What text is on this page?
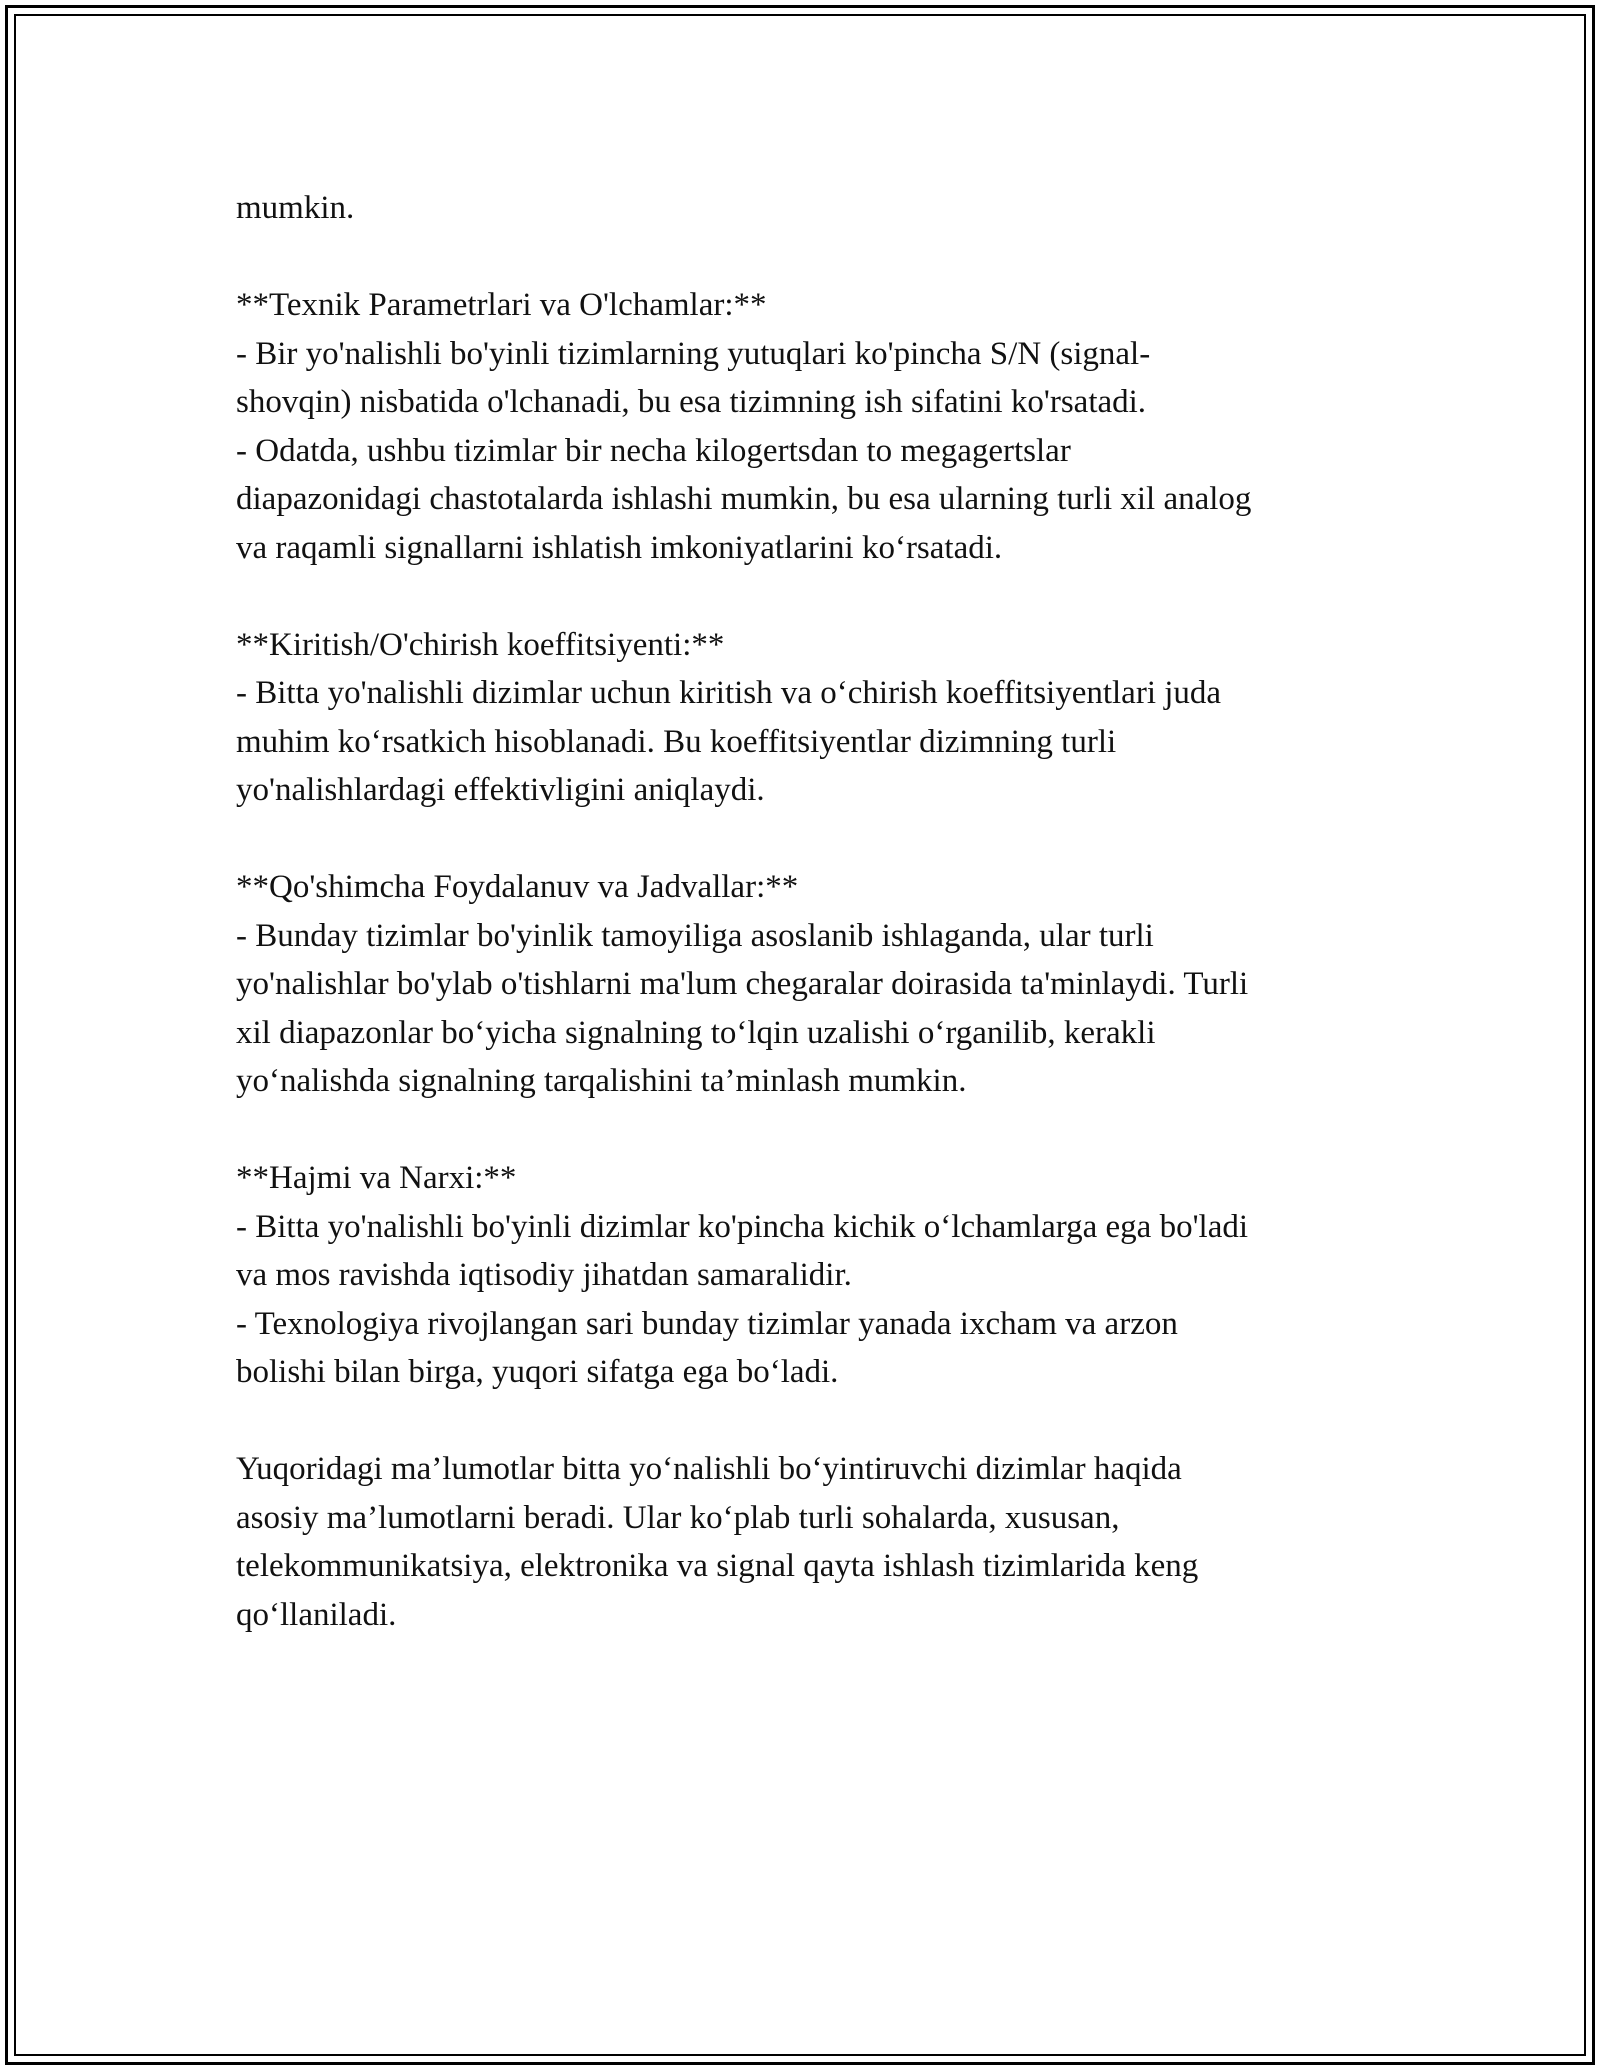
mumkin.
**Texnik Parametrlari va O'lchamlar:**
- Bir yo'nalishli bo'yinli tizimlarning yutuqlari ko'pincha S/N (signal-
shovqin) nisbatida o'lchanadi, bu esa tizimning ish sifatini ko'rsatadi.
- Odatda, ushbu tizimlar bir necha kilogertsdan to megagertslar
diapazonidagi chastotalarda ishlashi mumkin, bu esa ularning turli xil analog
va raqamli signallarni ishlatish imkoniyatlarini ko‘rsatadi.
**Kiritish/O'chirish koeffitsiyenti:**
- Bitta yo'nalishli dizimlar uchun kiritish va o‘chirish koeffitsiyentlari juda
muhim ko‘rsatkich hisoblanadi. Bu koeffitsiyentlar dizimning turli
yo'nalishlardagi effektivligini aniqlaydi.
**Qo'shimcha Foydalanuv va Jadvallar:**
- Bunday tizimlar bo'yinlik tamoyiliga asoslanib ishlaganda, ular turli
yo'nalishlar bo'ylab o'tishlarni ma'lum chegaralar doirasida ta'minlaydi. Turli
xil diapazonlar bo‘yicha signalning to‘lqin uzalishi o‘rganilib, kerakli
yo‘nalishda signalning tarqalishini ta’minlash mumkin.
**Hajmi va Narxi:**
- Bitta yo'nalishli bo'yinli dizimlar ko'pincha kichik o‘lchamlarga ega bo'ladi
va mos ravishda iqtisodiy jihatdan samaralidir.
- Texnologiya rivojlangan sari bunday tizimlar yanada ixcham va arzon
bolishi bilan birga, yuqori sifatga ega bo‘ladi.
Yuqoridagi ma’lumotlar bitta yo‘nalishli bo‘yintiruvchi dizimlar haqida
asosiy ma’lumotlarni beradi. Ular ko‘plab turli sohalarda, xususan,
telekommunikatsiya, elektronika va signal qayta ishlash tizimlarida keng
qo‘llaniladi.
